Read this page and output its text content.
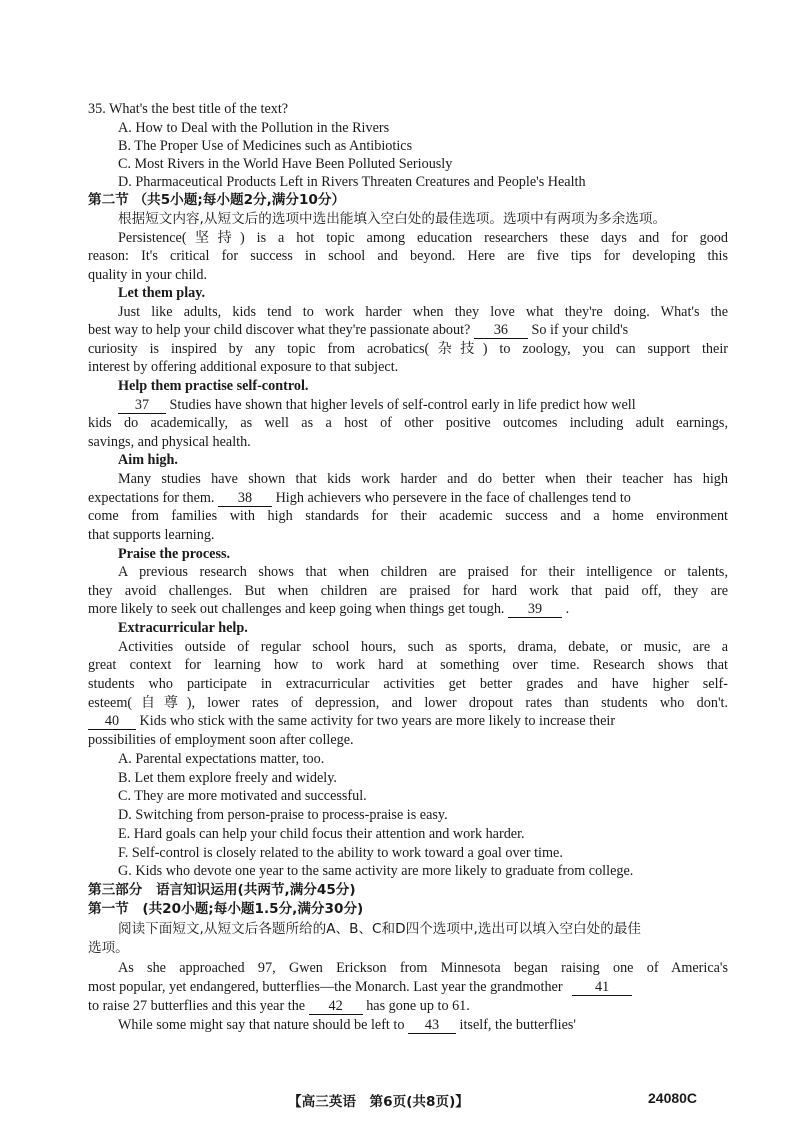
35. What's the best title of the text?
A. How to Deal with the Pollution in the Rivers
B. The Proper Use of Medicines such as Antibiotics
C. Most Rivers in the World Have Been Polluted Seriously
D. Pharmaceutical Products Left in Rivers Threaten Creatures and People's Health
第二节 （共5小题;每小题2分,满分10分）
根据短文内容,从短文后的选项中选出能填入空白处的最佳选项。选项中有两项为多余选项。
Persistence(坚持) is a hot topic among education researchers these days and for good
reason: It's critical for success in school and beyond. Here are five tips for developing this
quality in your child.
Let them play.
Just like adults, kids tend to work harder when they love what they're doing. What's the
best way to help your child discover what they're passionate about? 36 So if your child's
curiosity is inspired by any topic from acrobatics(杂技) to zoology, you can support their
interest by offering additional exposure to that subject.
Help them practise self-control.
37 Studies have shown that higher levels of self-control early in life predict how well
kids do academically, as well as a host of other positive outcomes including adult earnings,
savings, and physical health.
Aim high.
Many studies have shown that kids work harder and do better when their teacher has high
expectations for them. 38 High achievers who persevere in the face of challenges tend to
come from families with high standards for their academic success and a home environment
that supports learning.
Praise the process.
A previous research shows that when children are praised for their intelligence or talents,
they avoid challenges. But when children are praised for hard work that paid off, they are
more likely to seek out challenges and keep going when things get tough. 39 .
Extracurricular help.
Activities outside of regular school hours, such as sports, drama, debate, or music, are a
great context for learning how to work hard at something over time. Research shows that
students who participate in extracurricular activities get better grades and have higher self-
esteem(自尊), lower rates of depression, and lower dropout rates than students who don't.
40 Kids who stick with the same activity for two years are more likely to increase their
possibilities of employment soon after college.
A. Parental expectations matter, too.
B. Let them explore freely and widely.
C. They are more motivated and successful.
D. Switching from person-praise to process-praise is easy.
E. Hard goals can help your child focus their attention and work harder.
F. Self-control is closely related to the ability to work toward a goal over time.
G. Kids who devote one year to the same activity are more likely to graduate from college.
第三部分　语言知识运用(共两节,满分45分)
第一节　(共20小题;每小题1.5分,满分30分)
阅读下面短文,从短文后各题所给的A、B、C和D四个选项中,选出可以填入空白处的最佳
选项。
As she approached 97, Gwen Erickson from Minnesota began raising one of America's
most popular, yet endangered, butterflies—the Monarch. Last year the grandmother 41
to raise 27 butterflies and this year the 42 has gone up to 61.
While some might say that nature should be left to 43 itself, the butterflies'
【高三英语　第6页(共8页)】	24080C
